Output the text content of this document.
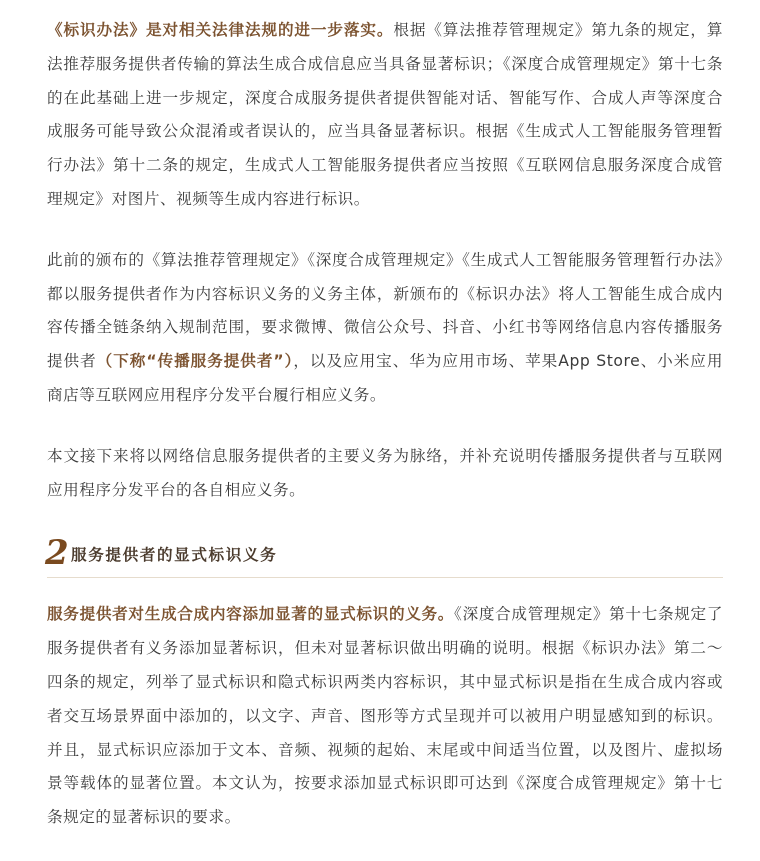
《标识办法》是对相关法律法规的进一步落实。根据《算法推荐管理规定》第九条的规定，算法推荐服务提供者传输的算法生成合成信息应当具备显著标识；《深度合成管理规定》第十七条的在此基础上进一步规定，深度合成服务提供者提供智能对话、智能写作、合成人声等深度合成服务可能导致公众混淆或者误认的，应当具备显著标识。根据《生成式人工智能服务管理暂行办法》第十二条的规定，生成式人工智能服务提供者应当按照《互联网信息服务深度合成管理规定》对图片、视频等生成内容进行标识。

此前的颁布的《算法推荐管理规定》《深度合成管理规定》《生成式人工智能服务管理暂行办法》都以服务提供者作为内容标识义务的义务主体，新颁布的《标识办法》将人工智能生成合成内容传播全链条纳入规制范围，要求微博、微信公众号、抖音、小红书等网络信息内容传播服务提供者（下称“传播服务提供者”），以及应用宝、华为应用市场、苹果App Store、小米应用商店等互联网应用程序分发平台履行相应义务。

本文接下来将以网络信息服务提供者的主要义务为脉络，并补充说明传播服务提供者与互联网应用程序分发平台的各自相应义务。

2 服务提供者的显式标识义务

服务提供者对生成合成内容添加显著的显式标识的义务。《深度合成管理规定》第十七条规定了服务提供者有义务添加显著标识，但未对显著标识做出明确的说明。根据《标识办法》第二～四条的规定，列举了显式标识和隐式标识两类内容标识，其中显式标识是指在生成合成内容或者交互场景界面中添加的，以文字、声音、图形等方式呈现并可以被用户明显感知到的标识。并且，显式标识应添加于文本、音频、视频的起始、末尾或中间适当位置，以及图片、虚拟场景等载体的显著位置。本文认为，按要求添加显式标识即可达到《深度合成管理规定》第十七条规定的显著标识的要求。
